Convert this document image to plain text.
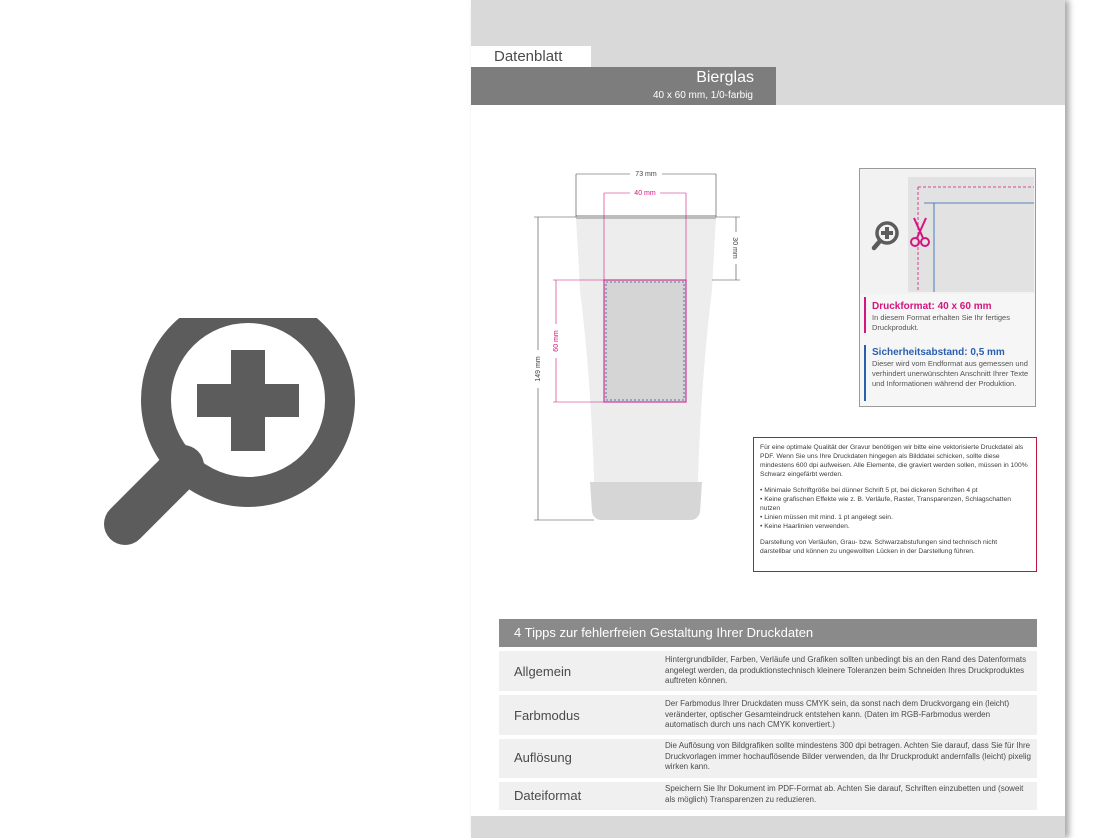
Datenblatt
Bierglas
40 x 60 mm, 1/0-farbig
73 mm
40 mm
30 mm
60 mm
149 mm
Druckformat: 40 x 60 mm
In diesem Format erhalten Sie Ihr fertiges Druckprodukt.
Sicherheitsabstand: 0,5 mm
Dieser wird vom Endformat aus gemessen und verhindert unerwünschten Anschnitt Ihrer Texte und Informationen während der Produktion.

Für eine optimale Qualität der Gravur benötigen wir bitte eine vektorisierte Druckdatei als PDF. Wenn Sie uns Ihre Druckdaten hingegen als Bilddatei schicken, sollte diese mindestens 600 dpi aufweisen. Alle Elemente, die graviert werden sollen, müssen in 100% Schwarz eingefärbt werden.

• Minimale Schriftgröße bei dünner Schrift 5 pt, bei dickeren Schriften 4 pt
• Keine grafischen Effekte wie z. B. Verläufe, Raster, Transparenzen, Schlagschatten nutzen
• Linien müssen mit mind. 1 pt angelegt sein.
• Keine Haarlinien verwenden.

Darstellung von Verläufen, Grau- bzw. Schwarzabstufungen sind technisch nicht darstellbar und können zu ungewollten Lücken in der Darstellung führen.

4 Tipps zur fehlerfreien Gestaltung Ihrer Druckdaten
Allgemein
Hintergrundbilder, Farben, Verläufe und Grafiken sollten unbedingt bis an den Rand des Datenformats angelegt werden, da produktionstechnisch kleinere Toleranzen beim Schneiden Ihres Druckproduktes auftreten können.
Farbmodus
Der Farbmodus Ihrer Druckdaten muss CMYK sein, da sonst nach dem Druckvorgang ein (leicht) veränderter, optischer Gesamteindruck entstehen kann. (Daten im RGB-Farbmodus werden automatisch durch uns nach CMYK konvertiert.)
Auflösung
Die Auflösung von Bildgrafiken sollte mindestens 300 dpi betragen. Achten Sie darauf, dass Sie für Ihre Druckvorlagen immer hochauflösende Bilder verwenden, da Ihr Druckprodukt andernfalls (leicht) pixelig wirken kann.
Dateiformat	Speichern Sie Ihr Dokument im PDF-Format ab. Achten Sie darauf, Schriften einzubetten und (soweit als möglich) Transparenzen zu reduzieren.
